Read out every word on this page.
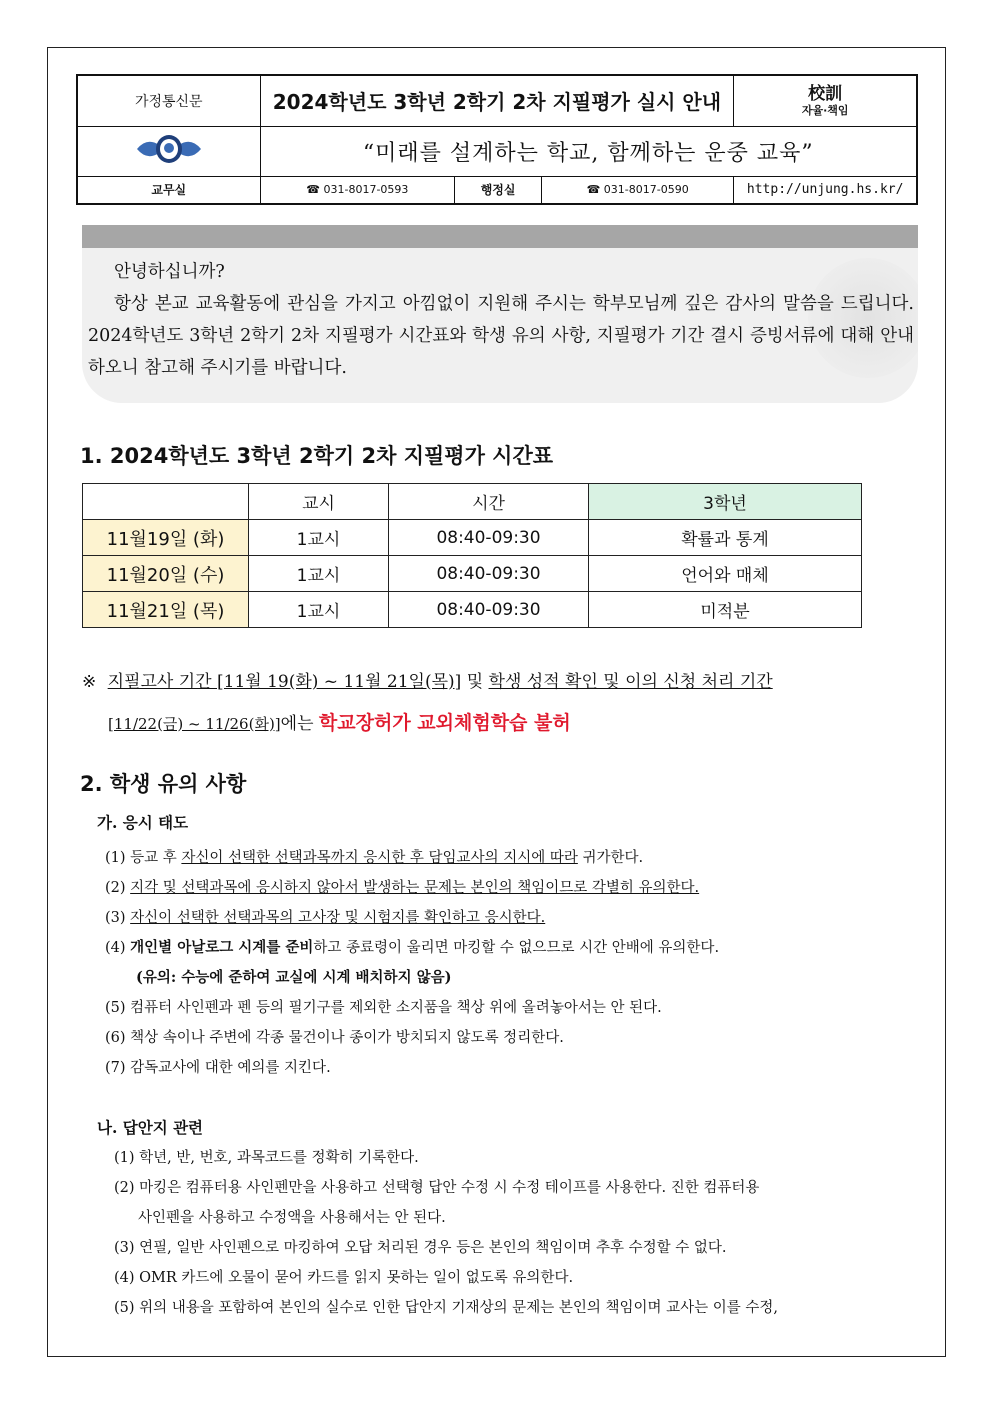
가정통신문	2024학년도 3학년 2학기 2차 지필평가 실시 안내			校訓
자율·책임

	“미래를 설계하는 학교, 함께하는 운중 교육”			
교무실	☎ 031-8017-0593	행정실	☎ 031-8017-0590	http://unjung.hs.kr/

안녕하십니까?

항상 본교 교육활동에 관심을 가지고 아낌없이 지원해 주시는 학부모님께 깊은 감사의 말씀을 드립니다. 2024학년도 3학년 2학기 2차 지필평가 시간표와 학생 유의 사항, 지필평가 기간 결시 증빙서류에 대해 안내하오니 참고해 주시기를 바랍니다.

1. 2024학년도 3학년 2학기 2차 지필평가 시간표
	교시	시간	3학년
11월19일 (화)	1교시	08:40-09:30	확률과 통계
11월20일 (수)	1교시	08:40-09:30	언어와 매체
11월21일 (목)	1교시	08:40-09:30	미적분
※ 지필고사 기간 [11월 19(화) ~ 11월 21일(목)] 및 학생 성적 확인 및 이의 신청 처리 기간
[11/22(금) ~ 11/26(화)]에는 학교장허가 교외체험학습 불허
2. 학생 유의 사항
가. 응시 태도
(1) 등교 후 자신이 선택한 선택과목까지 응시한 후 담임교사의 지시에 따라 귀가한다.
(2) 지각 및 선택과목에 응시하지 않아서 발생하는 문제는 본인의 책임이므로 각별히 유의한다.
(3) 자신이 선택한 선택과목의 고사장 및 시험지를 확인하고 응시한다.
(4) 개인별 아날로그 시계를 준비하고 종료령이 울리면 마킹할 수 없으므로 시간 안배에 유의한다.
(유의: 수능에 준하여 교실에 시계 배치하지 않음)
(5) 컴퓨터 사인펜과 펜 등의 필기구를 제외한 소지품을 책상 위에 올려놓아서는 안 된다.
(6) 책상 속이나 주변에 각종 물건이나 종이가 방치되지 않도록 정리한다.
(7) 감독교사에 대한 예의를 지킨다.
나. 답안지 관련
(1) 학년, 반, 번호, 과목코드를 정확히 기록한다.
(2) 마킹은 컴퓨터용 사인펜만을 사용하고 선택형 답안 수정 시 수정 테이프를 사용한다. 진한 컴퓨터용
사인펜을 사용하고 수정액을 사용해서는 안 된다.
(3) 연필, 일반 사인펜으로 마킹하여 오답 처리된 경우 등은 본인의 책임이며 추후 수정할 수 없다.
(4) OMR 카드에 오물이 묻어 카드를 읽지 못하는 일이 없도록 유의한다.
(5) 위의 내용을 포함하여 본인의 실수로 인한 답안지 기재상의 문제는 본인의 책임이며 교사는 이를 수정,
